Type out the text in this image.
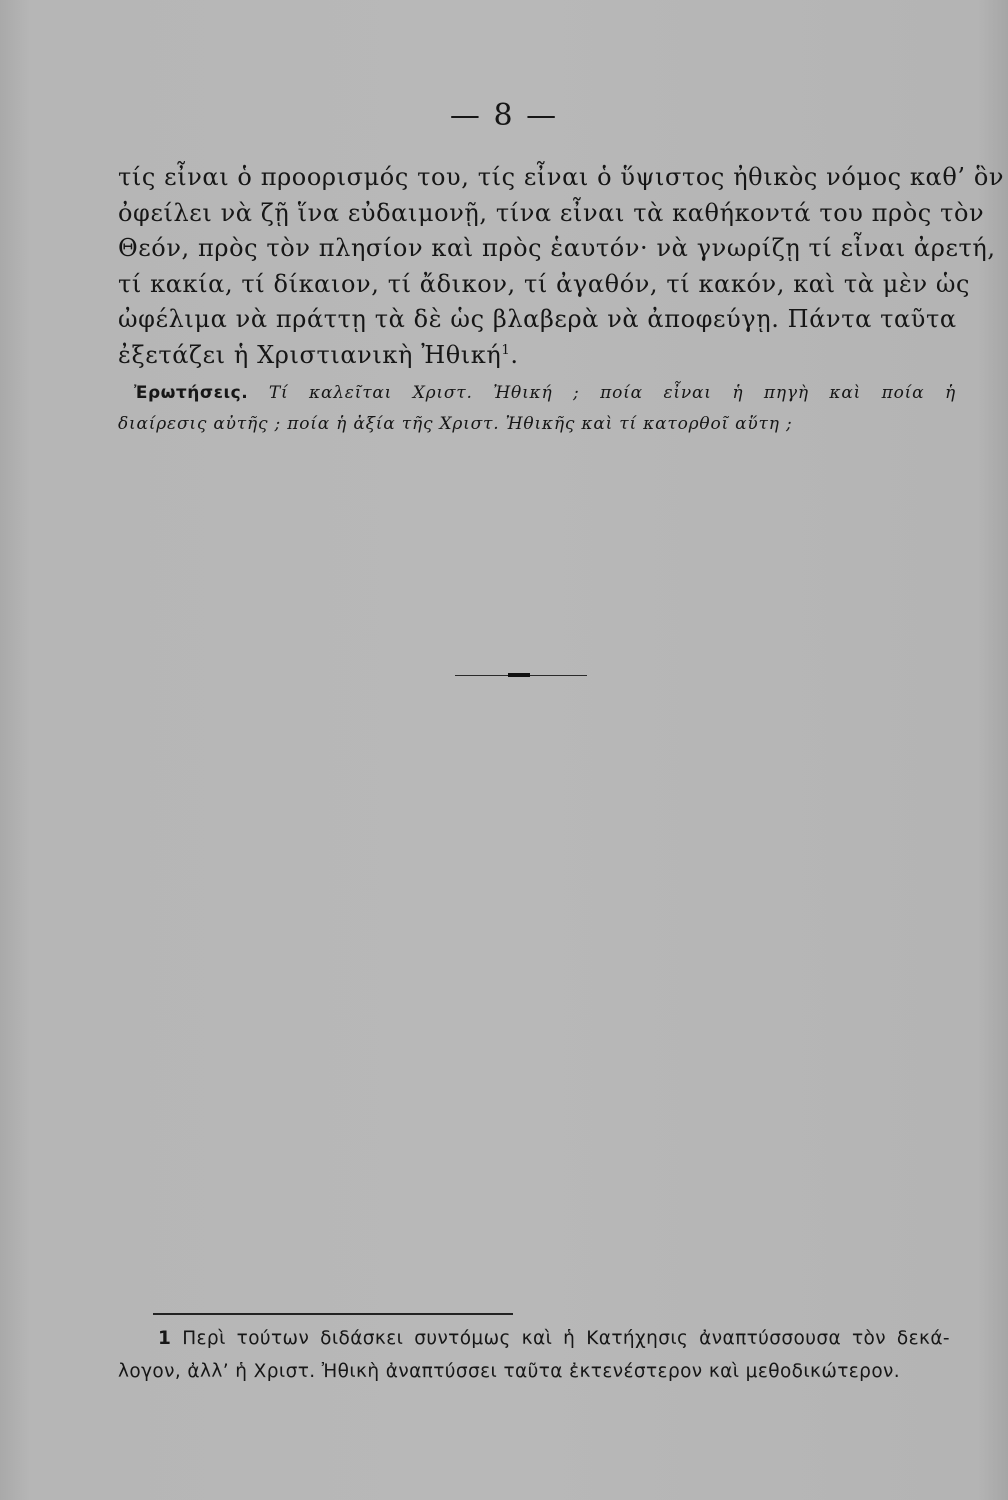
— 8 —
τίς εἶναι ὁ προορισμός του, τίς εἶναι ὁ ὕψιστος ἠθικὸς νόμος καθ’ ὃν
ὀφείλει νὰ ζῇ ἵνα εὐδαιμονῇ, τίνα εἶναι τὰ καθήκοντά του πρὸς τὸν
Θεόν, πρὸς τὸν πλησίον καὶ πρὸς ἑαυτόν· νὰ γνωρίζῃ τί εἶναι ἀρετή,
τί κακία, τί δίκαιον, τί ἄδικον, τί ἀγαθόν, τί κακόν, καὶ τὰ μὲν ὡς
ὠφέλιμα νὰ πράττῃ τὰ δὲ ὡς βλαβερὰ νὰ ἀποφεύγῃ. Πάντα ταῦτα
ἐξετάζει ἡ Χριστιανικὴ Ἠθική$^1$.
Ἐρωτήσεις. Τί καλεῖται Χριστ. Ἠθική ; ποία εἶναι ἡ πηγὴ καὶ ποία ἡ
διαίρεσις αὐτῆς ; ποία ἡ ἀξία τῆς Χριστ. Ἠθικῆς καὶ τί κατορθοῖ αὕτη ;
1 Περὶ τούτων διδάσκει συντόμως καὶ ἡ Κατήχησις ἀναπτύσσουσα τὸν δεκά-
λογον, ἀλλ’ ἡ Χριστ. Ἠθικὴ ἀναπτύσσει ταῦτα ἐκτενέστερον καὶ μεθοδικώτερον.
